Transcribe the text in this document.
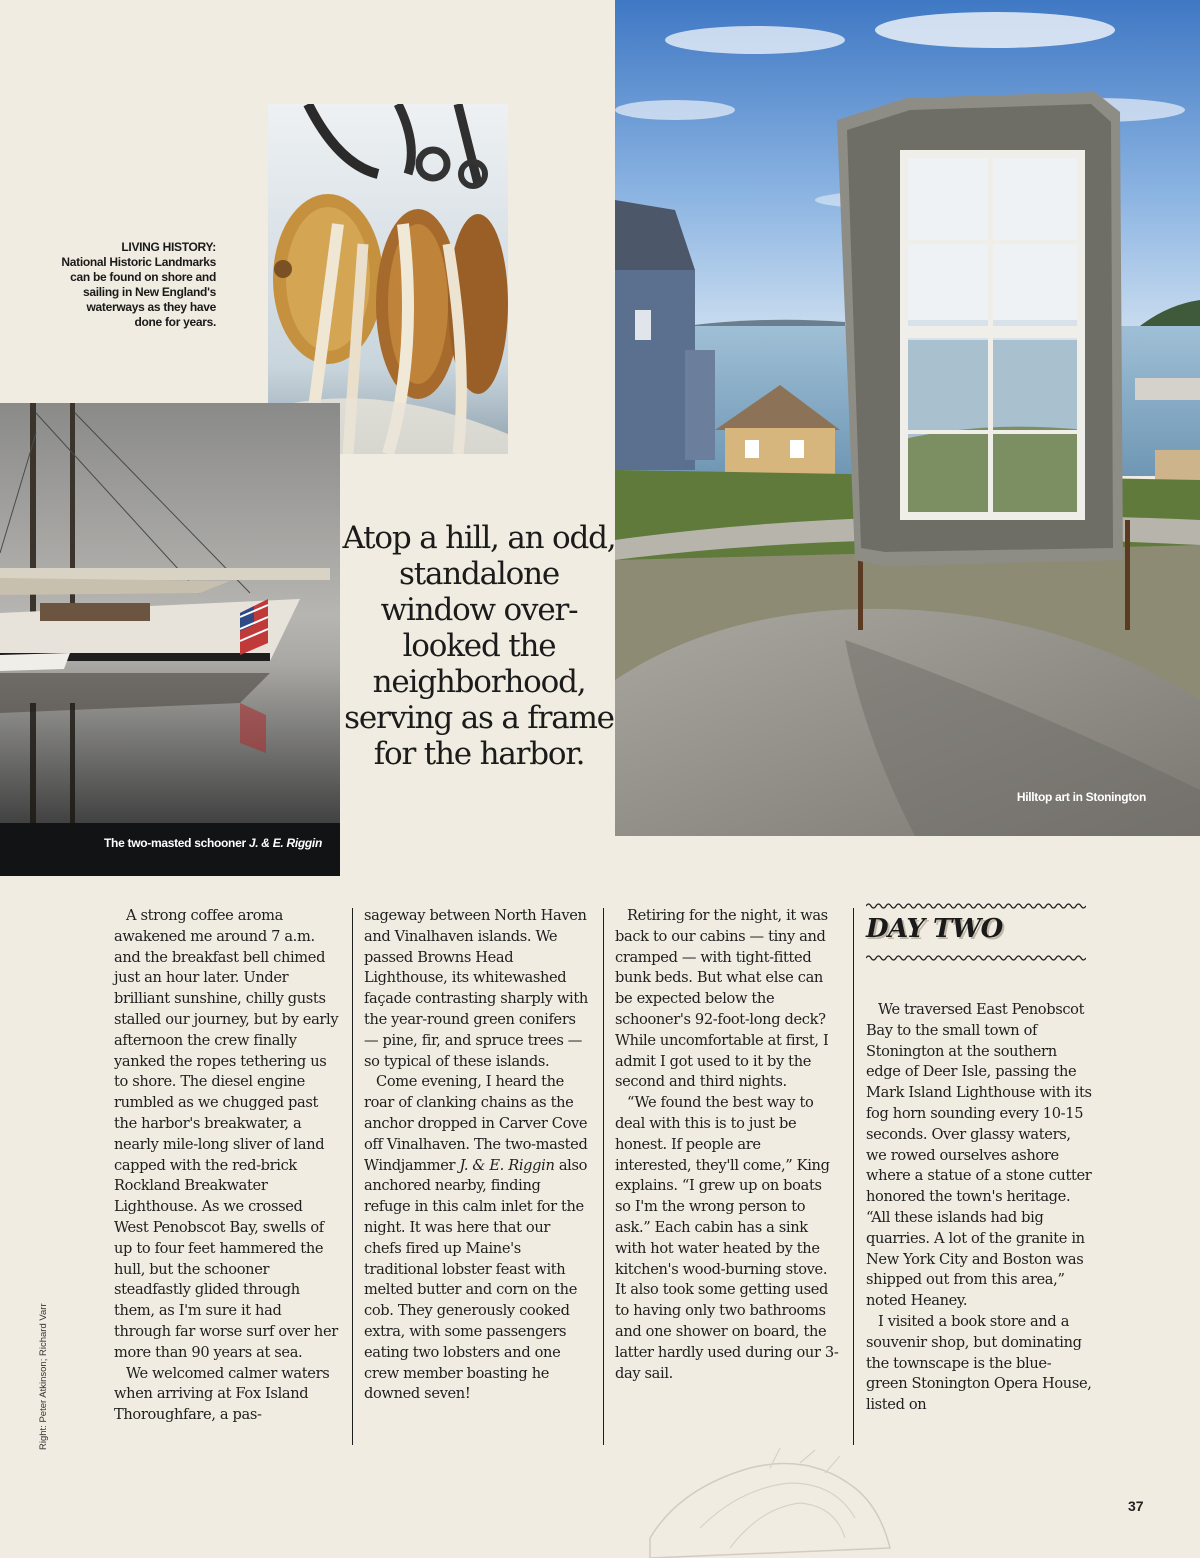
LIVING HISTORY:
National Historic Landmarks can be found on shore and sailing in New England's waterways as they have done for years.
The two-masted schooner J. & E. Riggin
Hilltop art in Stonington
Atop a hill, an odd, standalone window over-looked the neighborhood, serving as a frame for the harbor.

A strong coffee aroma awakened me around 7 a.m. and the breakfast bell chimed just an hour later. Under brilliant sunshine, chilly gusts stalled our journey, but by early afternoon the crew finally yanked the ropes tethering us to shore. The diesel engine rumbled as we chugged past the harbor's breakwater, a nearly mile-long sliver of land capped with the red-brick Rockland Breakwater Lighthouse. As we crossed West Penobscot Bay, swells of up to four feet hammered the hull, but the schooner steadfastly glided through them, as I'm sure it had through far worse surf over her more than 90 years at sea.

We welcomed calmer waters when arriving at Fox Island Thoroughfare, a pas-

sageway between North Haven and Vinalhaven islands. We passed Browns Head Lighthouse, its whitewashed façade contrasting sharply with the year-round green conifers — pine, fir, and spruce trees — so typical of these islands.

Come evening, I heard the roar of clanking chains as the anchor dropped in Carver Cove off Vinalhaven. The two-masted Windjammer J. & E. Riggin also anchored nearby, finding refuge in this calm inlet for the night. It was here that our chefs fired up Maine's traditional lobster feast with melted butter and corn on the cob. They generously cooked extra, with some passengers eating two lobsters and one crew member boasting he downed seven!

Retiring for the night, it was back to our cabins — tiny and cramped — with tight-fitted bunk beds. But what else can be expected below the schooner's 92-foot-long deck? While uncomfortable at first, I admit I got used to it by the second and third nights.

“We found the best way to deal with this is to just be honest. If people are interested, they'll come,” King explains. “I grew up on boats so I'm the wrong person to ask.” Each cabin has a sink with hot water heated by the kitchen's wood-burning stove. It also took some getting used to having only two bathrooms and one shower on board, the latter hardly used during our 3-day sail.

DAY TWO

We traversed East Penobscot Bay to the small town of Stonington at the southern edge of Deer Isle, passing the Mark Island Lighthouse with its fog horn sounding every 10-15 seconds. Over glassy waters, we rowed ourselves ashore where a statue of a stone cutter honored the town's heritage. “All these islands had big quarries. A lot of the granite in New York City and Boston was shipped out from this area,” noted Heaney.

I visited a book store and a souvenir shop, but dominating the townscape is the blue-green Stonington Opera House, listed on

Right: Peter Atkinson; Richard Varr
37
